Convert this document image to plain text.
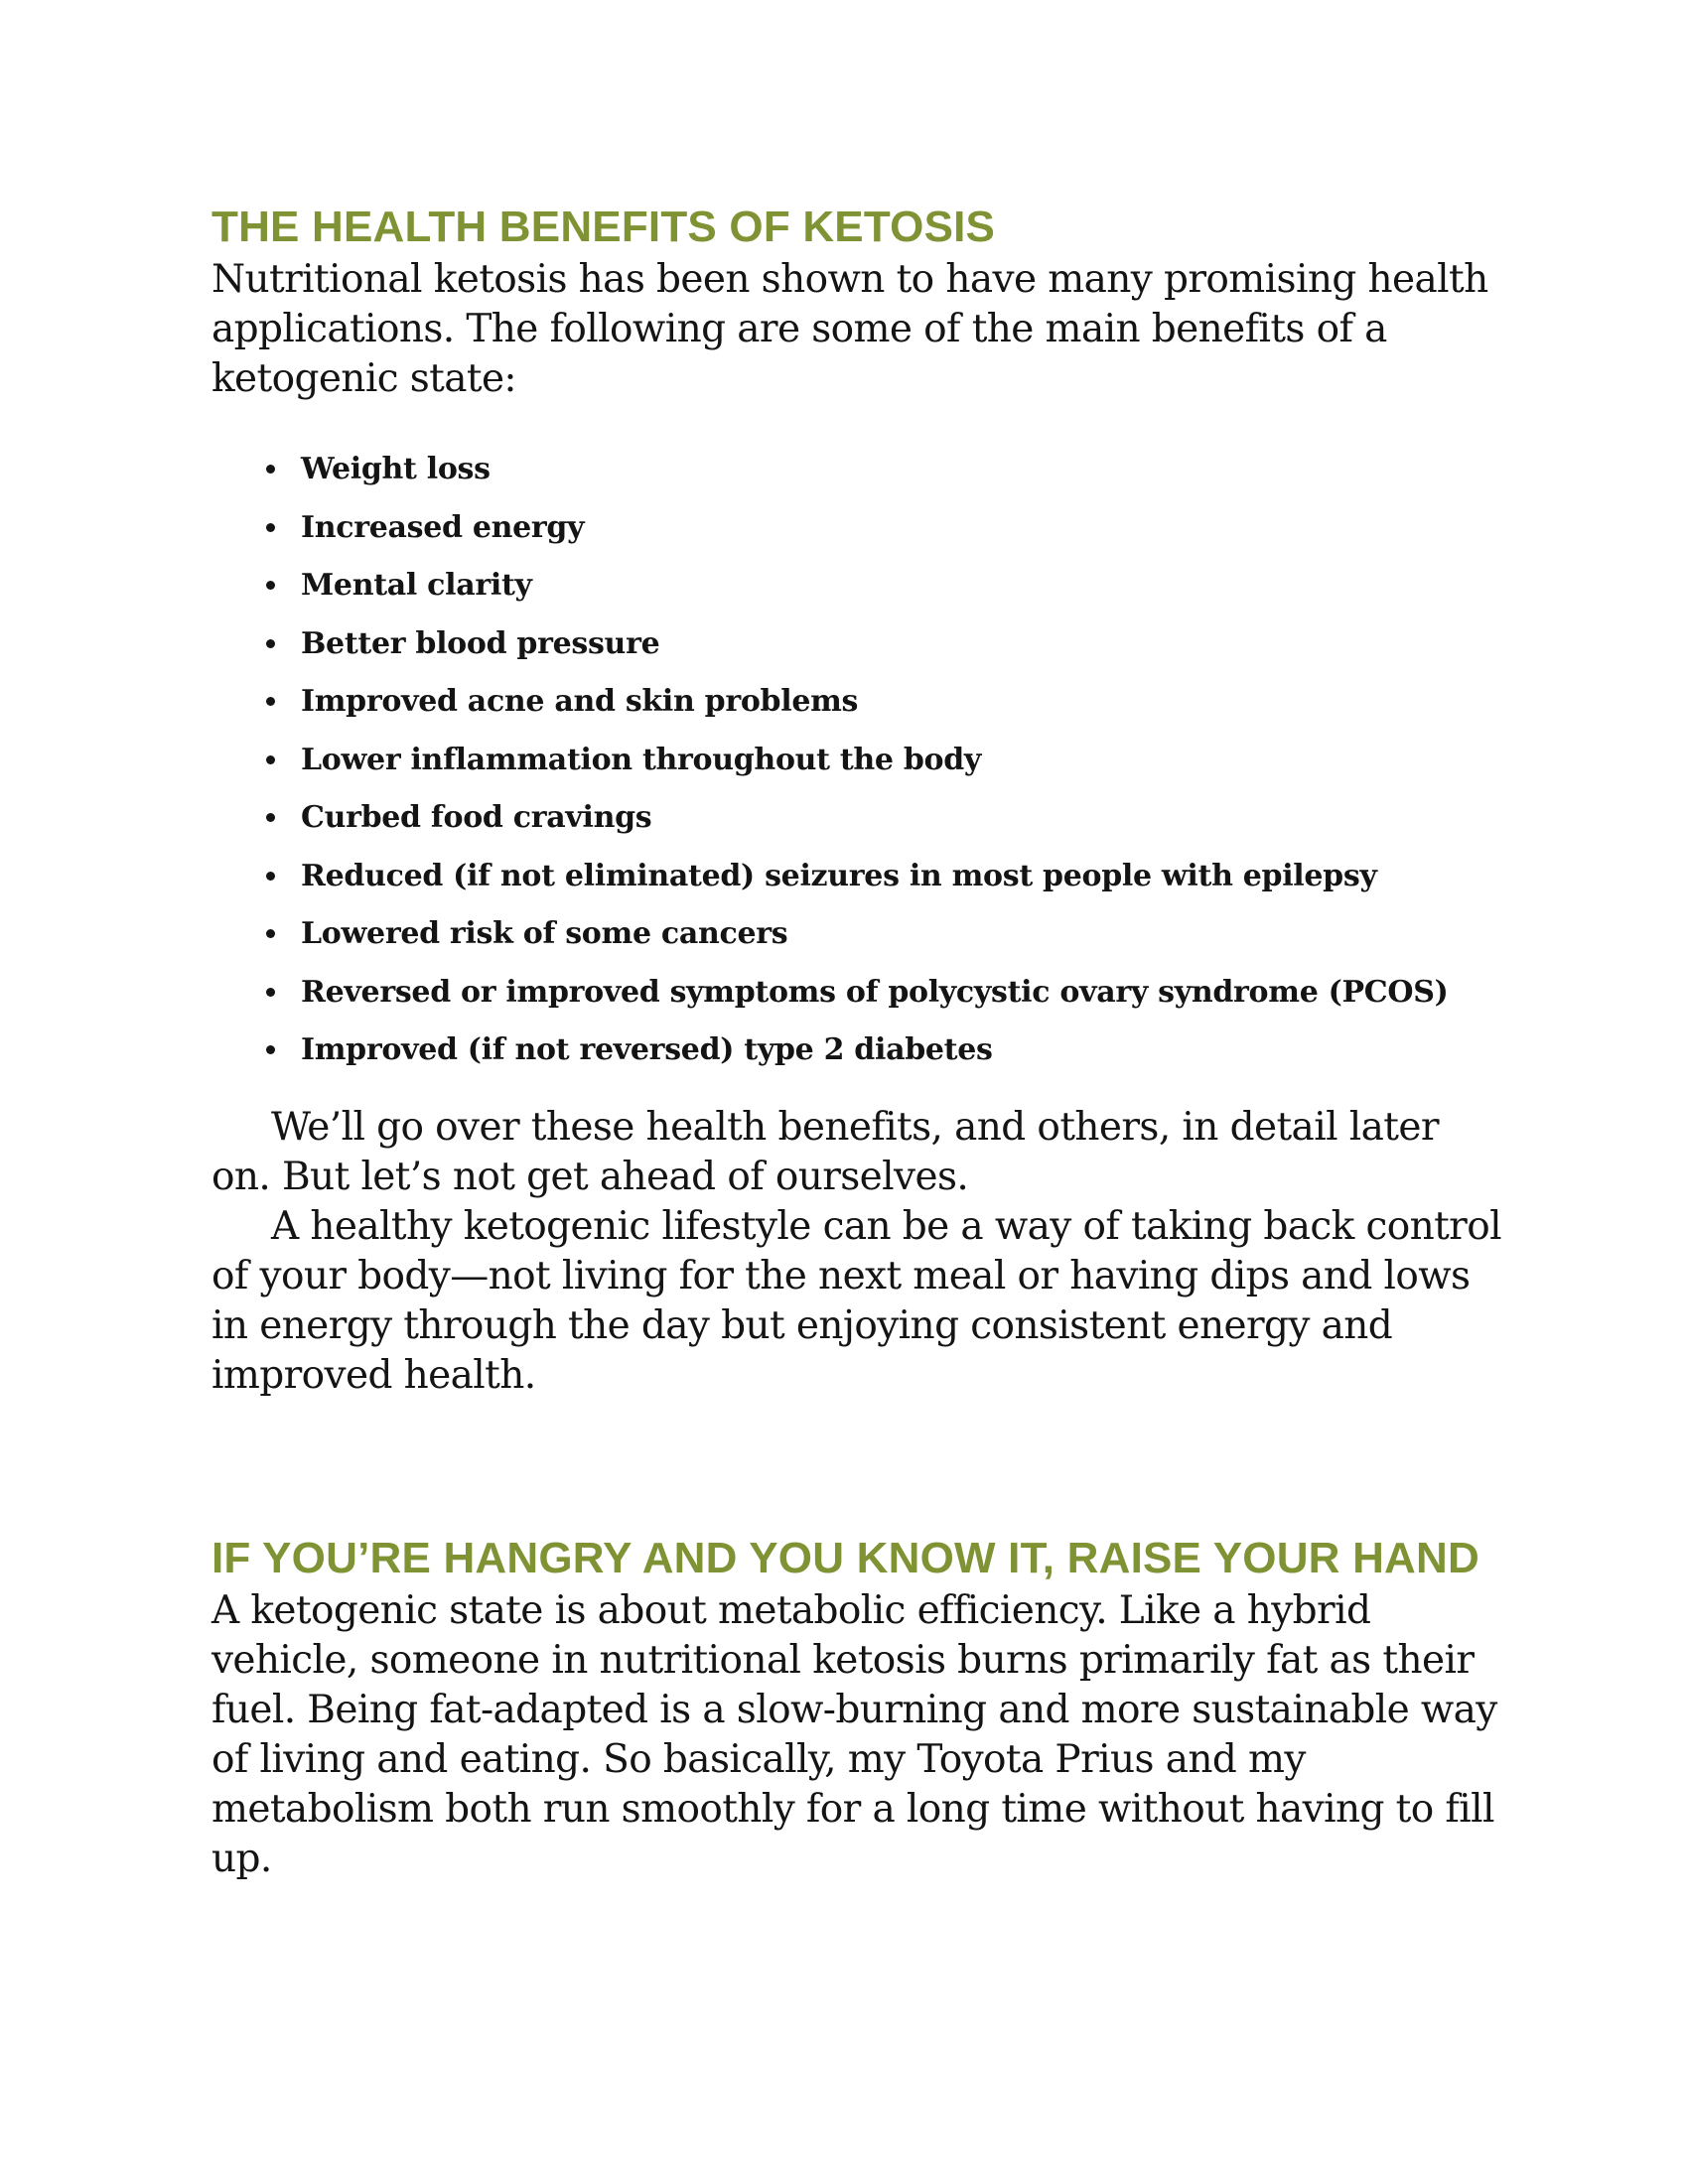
THE HEALTH BENEFITS OF KETOSIS

Nutritional ketosis has been shown to have many promising health applications. The following are some of the main benefits of a ketogenic state:

Weight loss
Increased energy
Mental clarity
Better blood pressure
Improved acne and skin problems
Lower inflammation throughout the body
Curbed food cravings
Reduced (if not eliminated) seizures in most people with epilepsy
Lowered risk of some cancers
Reversed or improved symptoms of polycystic ovary syndrome (PCOS)
Improved (if not reversed) type 2 diabetes

We’ll go over these health benefits, and others, in detail later on. But let’s not get ahead of ourselves.

A healthy ketogenic lifestyle can be a way of taking back control of your body—not living for the next meal or having dips and lows in energy through the day but enjoying consistent energy and improved health.

IF YOU’RE HANGRY AND YOU KNOW IT, RAISE YOUR HAND

A ketogenic state is about metabolic efficiency. Like a hybrid vehicle, someone in nutritional ketosis burns primarily fat as their fuel. Being fat-adapted is a slow-burning and more sustainable way of living and eating. So basically, my Toyota Prius and my metabolism both run smoothly for a long time without having to fill up.
